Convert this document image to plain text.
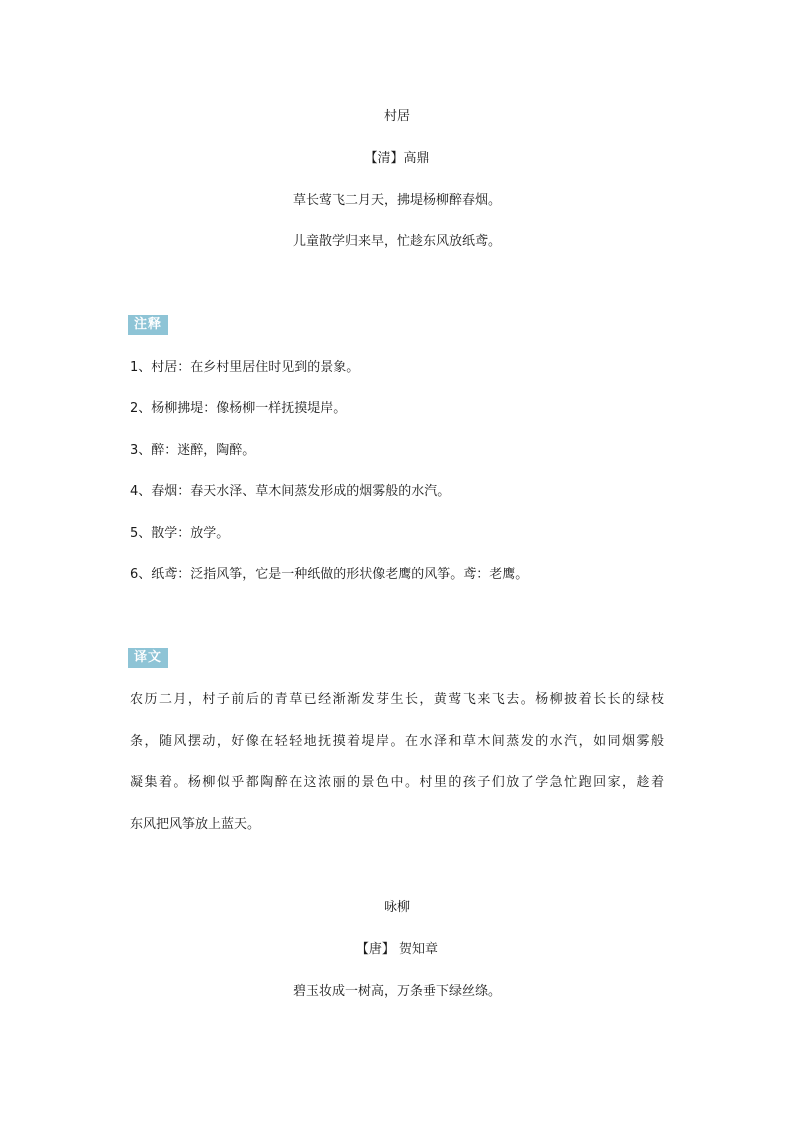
村居
【清】高鼎
草长莺飞二月天，拂堤杨柳醉春烟。
儿童散学归来早，忙趁东风放纸鸢。
注释
1、村居：在乡村里居住时见到的景象。
2、杨柳拂堤：像杨柳一样抚摸堤岸。
3、醉：迷醉，陶醉。
4、春烟：春天水泽、草木间蒸发形成的烟雾般的水汽。
5、散学：放学。
6、纸鸢：泛指风筝，它是一种纸做的形状像老鹰的风筝。鸢：老鹰。
译文
农历二月，村子前后的青草已经渐渐发芽生长，黄莺飞来飞去。杨柳披着长长的绿枝
条，随风摆动，好像在轻轻地抚摸着堤岸。在水泽和草木间蒸发的水汽，如同烟雾般
凝集着。杨柳似乎都陶醉在这浓丽的景色中。村里的孩子们放了学急忙跑回家，趁着
东风把风筝放上蓝天。
咏柳
【唐】 贺知章
碧玉妆成一树高，万条垂下绿丝绦。
